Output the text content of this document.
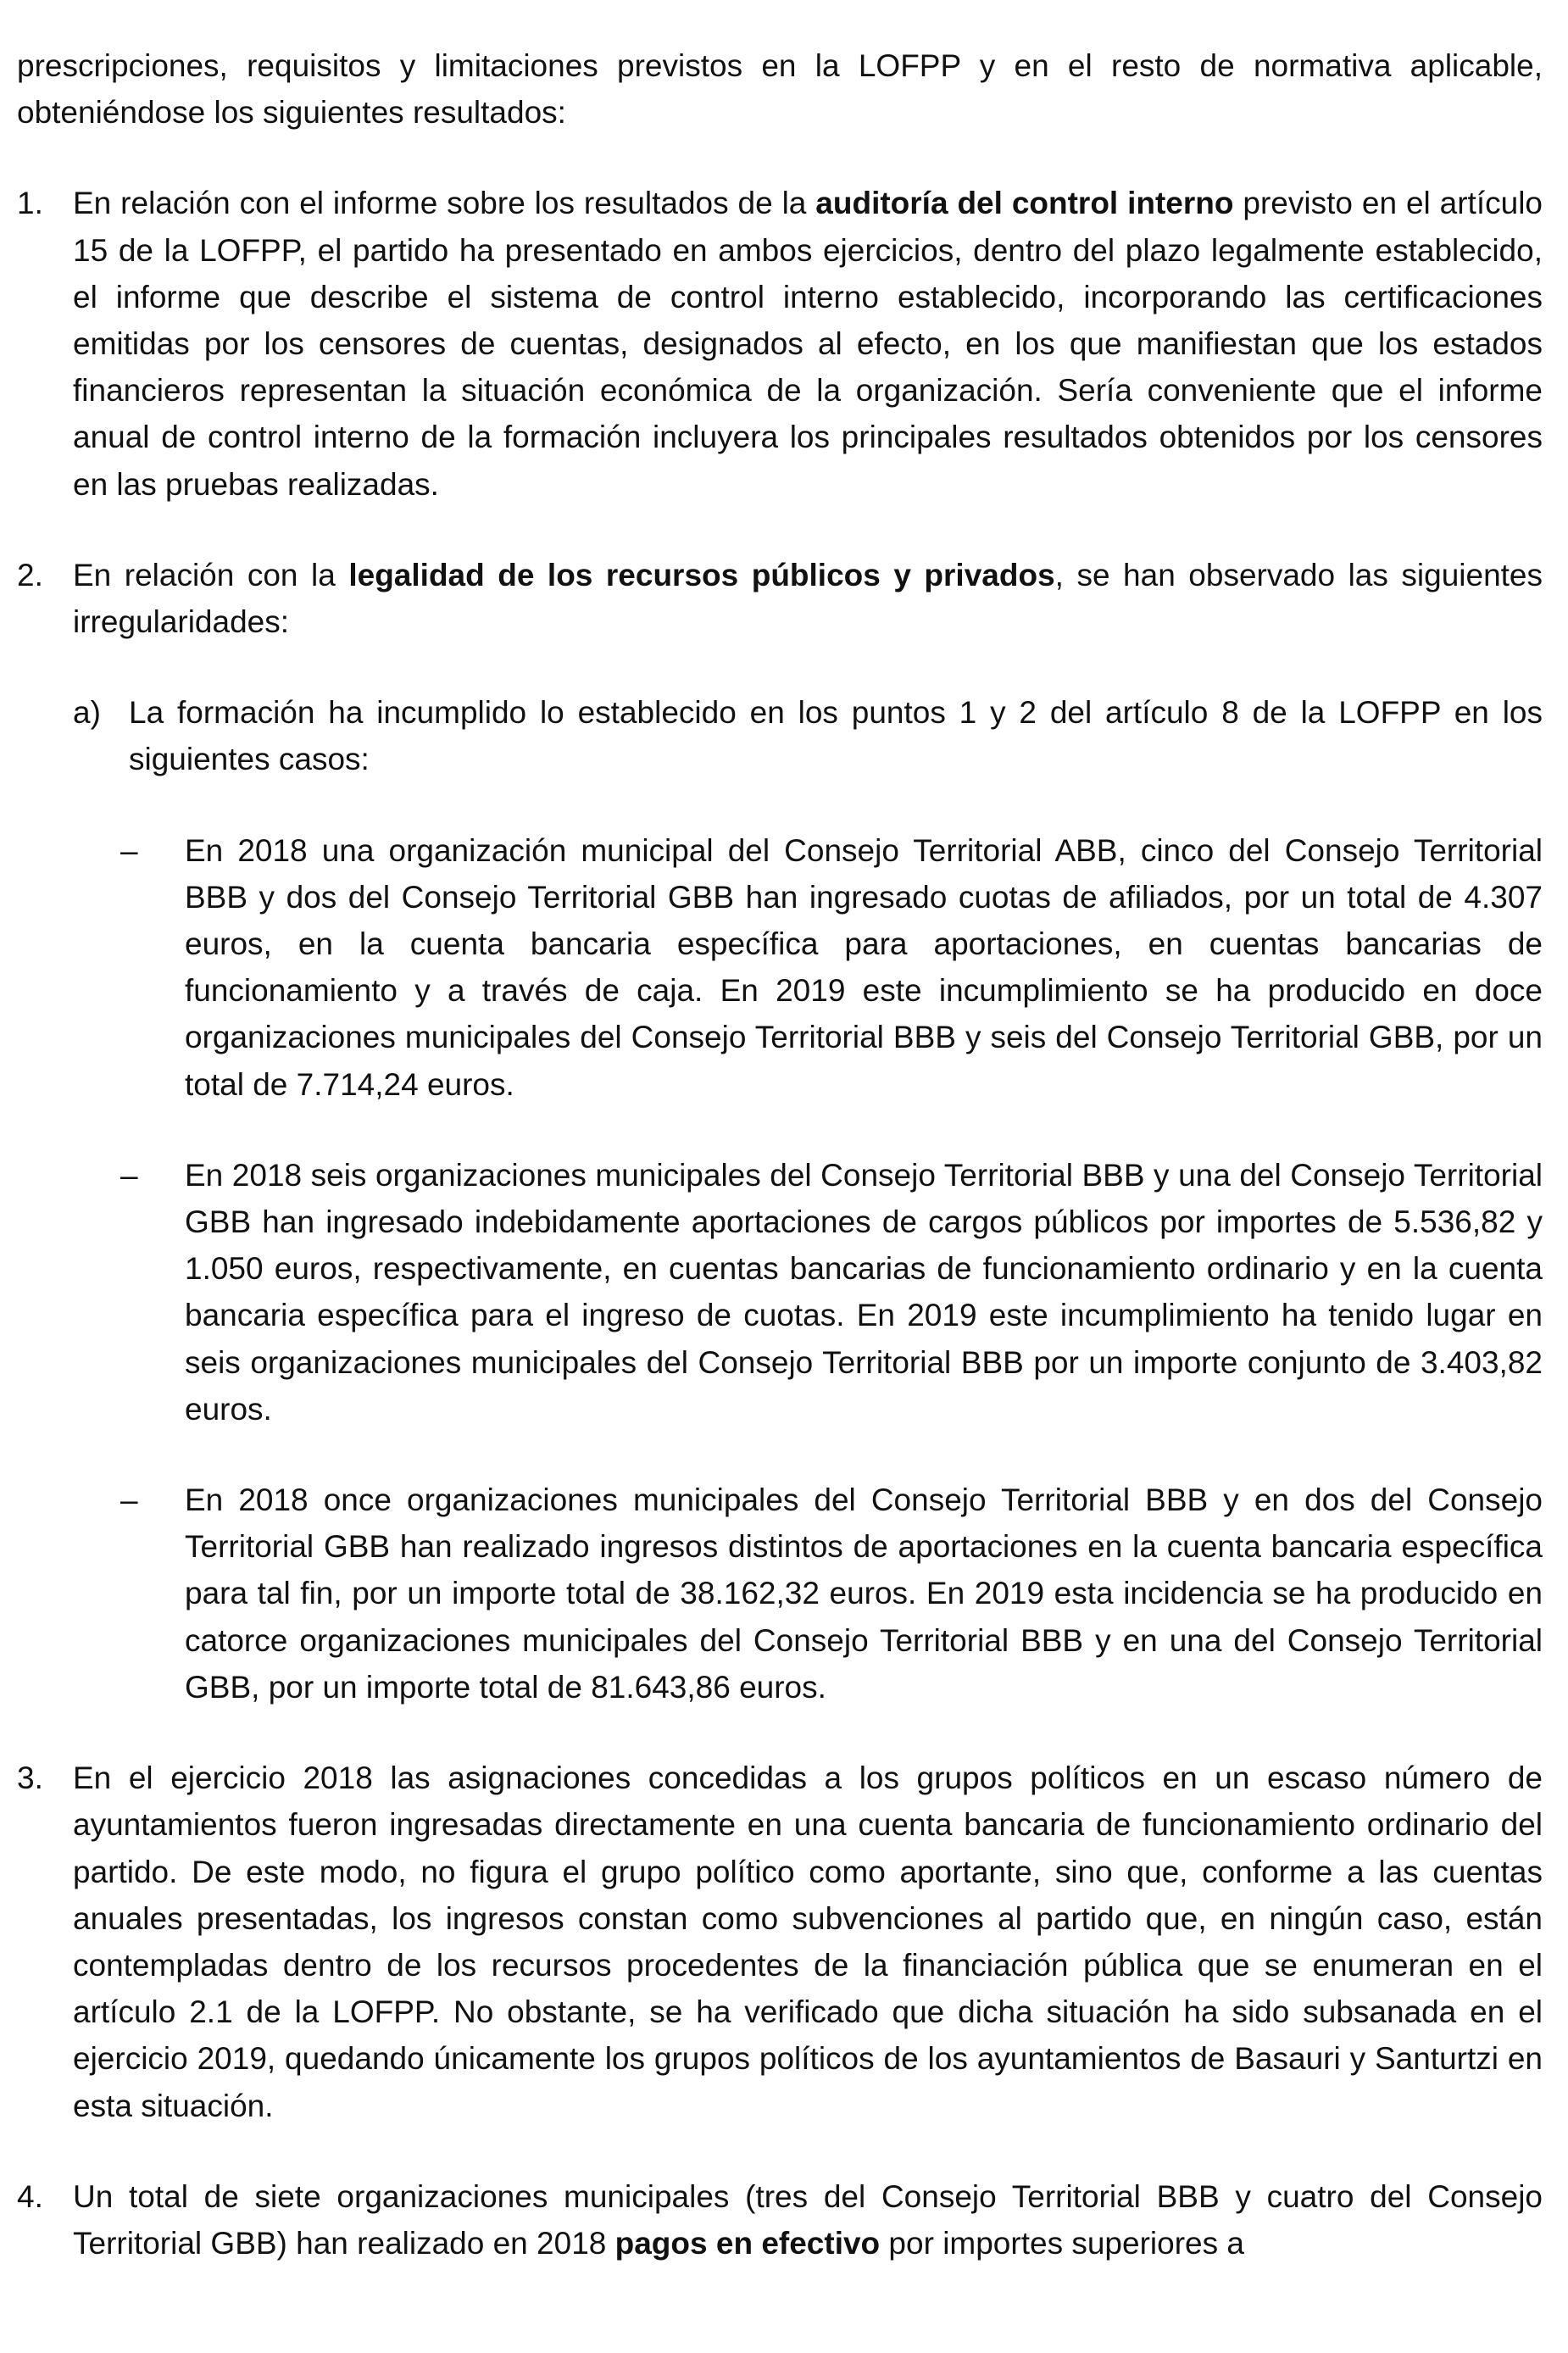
prescripciones, requisitos y limitaciones previstos en la LOFPP y en el resto de normativa aplicable, obteniéndose los siguientes resultados:

1. En relación con el informe sobre los resultados de la auditoría del control interno previsto en el artículo 15 de la LOFPP, el partido ha presentado en ambos ejercicios, dentro del plazo legalmente establecido, el informe que describe el sistema de control interno establecido, incorporando las certificaciones emitidas por los censores de cuentas, designados al efecto, en los que manifiestan que los estados financieros representan la situación económica de la organización. Sería conveniente que el informe anual de control interno de la formación incluyera los principales resultados obtenidos por los censores en las pruebas realizadas.

2. En relación con la legalidad de los recursos públicos y privados, se han observado las siguientes irregularidades:

a) La formación ha incumplido lo establecido en los puntos 1 y 2 del artículo 8 de la LOFPP en los siguientes casos:

– En 2018 una organización municipal del Consejo Territorial ABB, cinco del Consejo Territorial BBB y dos del Consejo Territorial GBB han ingresado cuotas de afiliados, por un total de 4.307 euros, en la cuenta bancaria específica para aportaciones, en cuentas bancarias de funcionamiento y a través de caja. En 2019 este incumplimiento se ha producido en doce organizaciones municipales del Consejo Territorial BBB y seis del Consejo Territorial GBB, por un total de 7.714,24 euros.

– En 2018 seis organizaciones municipales del Consejo Territorial BBB y una del Consejo Territorial GBB han ingresado indebidamente aportaciones de cargos públicos por importes de 5.536,82 y 1.050 euros, respectivamente, en cuentas bancarias de funcionamiento ordinario y en la cuenta bancaria específica para el ingreso de cuotas. En 2019 este incumplimiento ha tenido lugar en seis organizaciones municipales del Consejo Territorial BBB por un importe conjunto de 3.403,82 euros.

– En 2018 once organizaciones municipales del Consejo Territorial BBB y en dos del Consejo Territorial GBB han realizado ingresos distintos de aportaciones en la cuenta bancaria específica para tal fin, por un importe total de 38.162,32 euros. En 2019 esta incidencia se ha producido en catorce organizaciones municipales del Consejo Territorial BBB y en una del Consejo Territorial GBB, por un importe total de 81.643,86 euros.

3. En el ejercicio 2018 las asignaciones concedidas a los grupos políticos en un escaso número de ayuntamientos fueron ingresadas directamente en una cuenta bancaria de funcionamiento ordinario del partido. De este modo, no figura el grupo político como aportante, sino que, conforme a las cuentas anuales presentadas, los ingresos constan como subvenciones al partido que, en ningún caso, están contempladas dentro de los recursos procedentes de la financiación pública que se enumeran en el artículo 2.1 de la LOFPP. No obstante, se ha verificado que dicha situación ha sido subsanada en el ejercicio 2019, quedando únicamente los grupos políticos de los ayuntamientos de Basauri y Santurtzi en esta situación.

4. Un total de siete organizaciones municipales (tres del Consejo Territorial BBB y cuatro del Consejo Territorial GBB) han realizado en 2018 pagos en efectivo por importes superiores a
